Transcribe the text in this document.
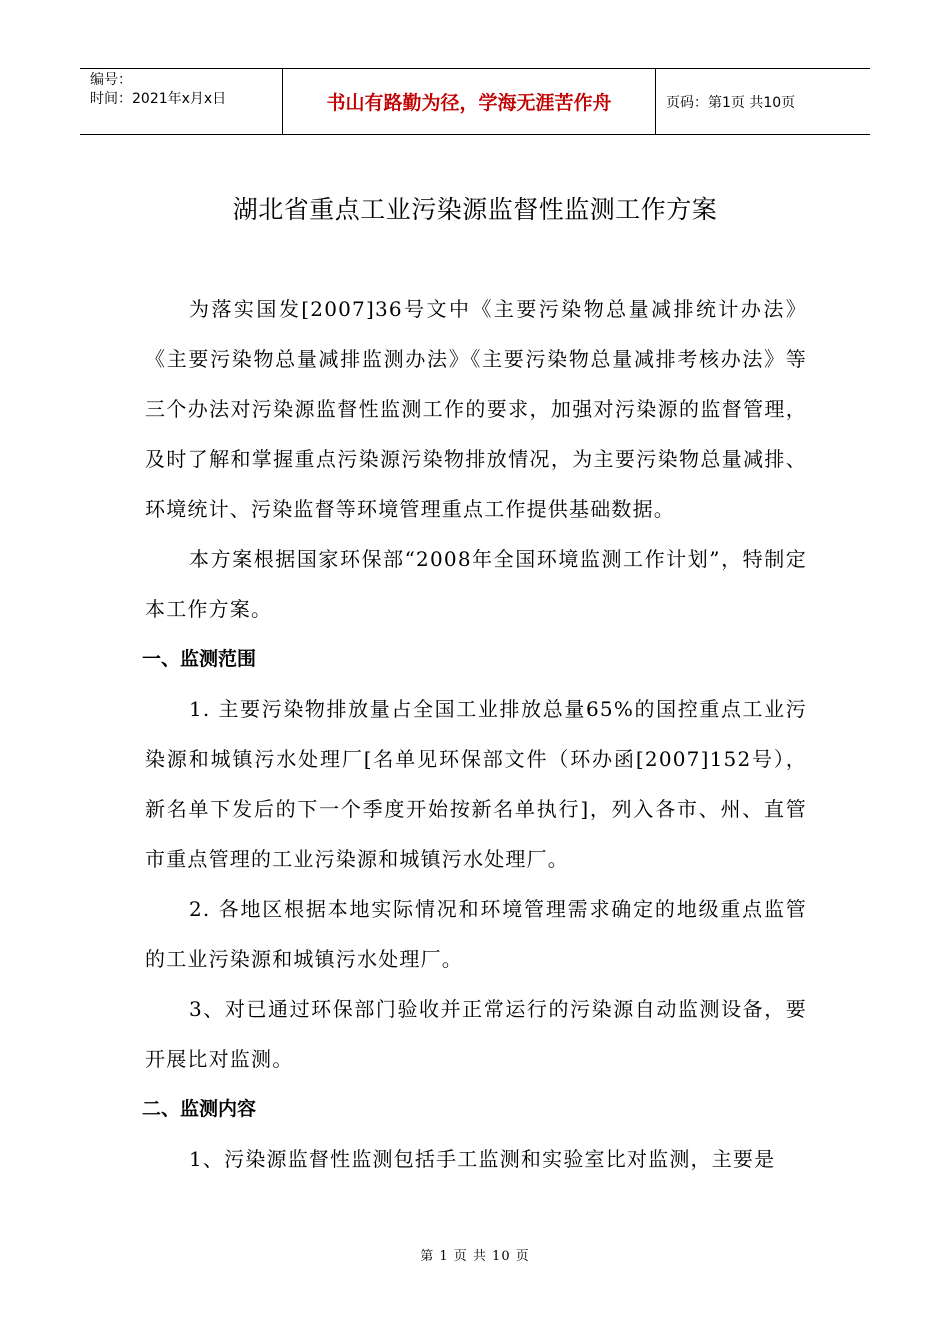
编号：
时间：2021年x月x日	书山有路勤为径，学海无涯苦作舟	页码：第1页 共10页
湖北省重点工业污染源监督性监测工作方案

为落实国发[2007]36号文中《主要污染物总量减排统计办法》《主要污染物总量减排监测办法》《主要污染物总量减排考核办法》等三个办法对污染源监督性监测工作的要求，加强对污染源的监督管理，及时了解和掌握重点污染源污染物排放情况，为主要污染物总量减排、环境统计、污染监督等环境管理重点工作提供基础数据。

本方案根据国家环保部“2008年全国环境监测工作计划”，特制定本工作方案。

一、监测范围

1. 主要污染物排放量占全国工业排放总量65%的国控重点工业污染源和城镇污水处理厂[名单见环保部文件（环办函[2007]152号），新名单下发后的下一个季度开始按新名单执行]，列入各市、州、直管市重点管理的工业污染源和城镇污水处理厂。

2. 各地区根据本地实际情况和环境管理需求确定的地级重点监管的工业污染源和城镇污水处理厂。

3、对已通过环保部门验收并正常运行的污染源自动监测设备，要开展比对监测。

二、监测内容

1、污染源监督性监测包括手工监测和实验室比对监测，主要是

第 1 页 共 10 页
